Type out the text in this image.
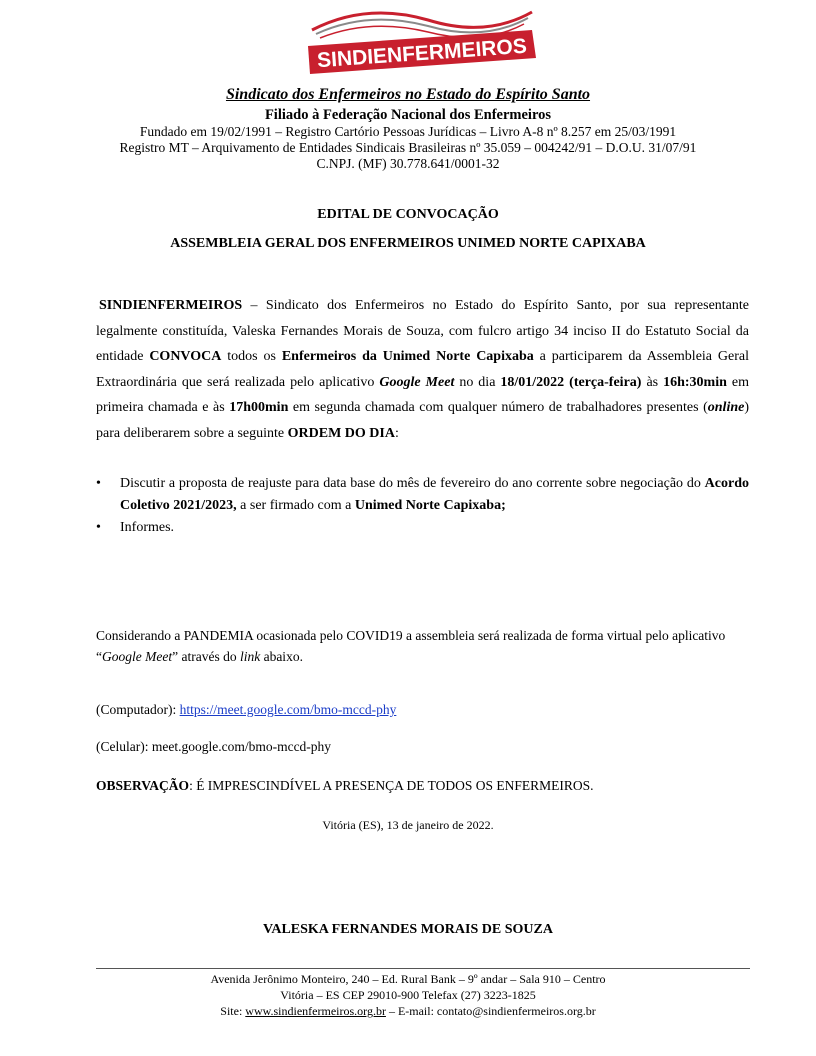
SINDIENFERMEIROS
Sindicato dos Enfermeiros no Estado do Espírito Santo
Filiado à Federação Nacional dos Enfermeiros
Fundado em 19/02/1991 – Registro Cartório Pessoas Jurídicas – Livro A-8 nº 8.257 em 25/03/1991
Registro MT – Arquivamento de Entidades Sindicais Brasileiras nº 35.059 – 004242/91 – D.O.U. 31/07/91
C.NPJ. (MF) 30.778.641/0001-32
EDITAL DE CONVOCAÇÃO
ASSEMBLEIA GERAL DOS ENFERMEIROS UNIMED NORTE CAPIXABA
SINDIENFERMEIROS – Sindicato dos Enfermeiros no Estado do Espírito Santo, por sua representante legalmente constituída, Valeska Fernandes Morais de Souza, com fulcro artigo 34 inciso II do Estatuto Social da entidade CONVOCA todos os Enfermeiros da Unimed Norte Capixaba a participarem da Assembleia Geral Extraordinária que será realizada pelo aplicativo Google Meet no dia 18/01/2022 (terça-feira) às 16h:30min em primeira chamada e às 17h00min em segunda chamada com qualquer número de trabalhadores presentes (online) para deliberarem sobre a seguinte ORDEM DO DIA:
• Discutir a proposta de reajuste para data base do mês de fevereiro do ano corrente sobre negociação do Acordo Coletivo 2021/2023, a ser firmado com a Unimed Norte Capixaba;
• Informes.
Considerando a PANDEMIA ocasionada pelo COVID19 a assembleia será realizada de forma virtual pelo aplicativo “Google Meet” através do link abaixo.
(Computador): https://meet.google.com/bmo-mccd-phy
(Celular): meet.google.com/bmo-mccd-phy
OBSERVAÇÃO: É IMPRESCINDÍVEL A PRESENÇA DE TODOS OS ENFERMEIROS.
Vitória (ES), 13 de janeiro de 2022.
VALESKA FERNANDES MORAIS DE SOUZA
Avenida Jerônimo Monteiro, 240 – Ed. Rural Bank – 9º andar – Sala 910 – Centro
Vitória – ES CEP 29010-900 Telefax (27) 3223-1825
Site: www.sindienfermeiros.org.br – E-mail: contato@sindienfermeiros.org.br
